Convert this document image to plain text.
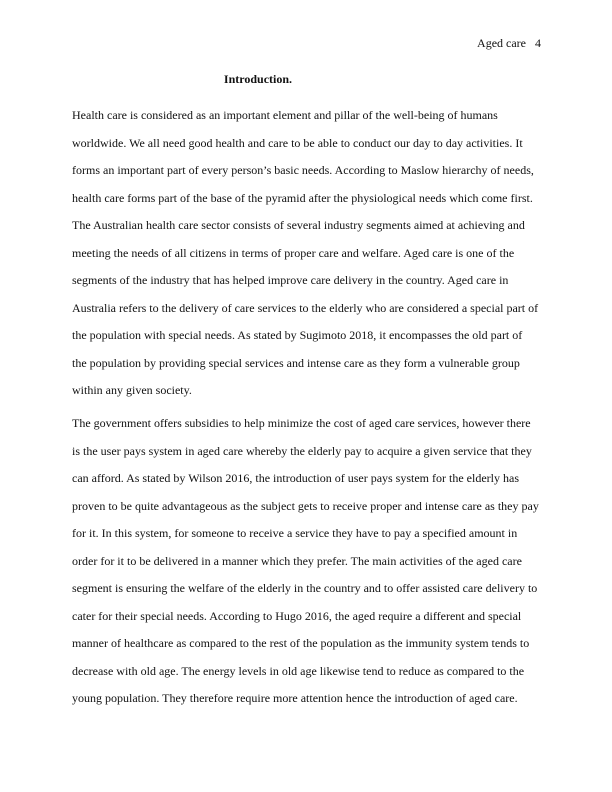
Aged care 4
Introduction.
Health care is considered as an important element and pillar of the well-being of humans
worldwide. We all need good health and care to be able to conduct our day to day activities. It
forms an important part of every person’s basic needs. According to Maslow hierarchy of needs,
health care forms part of the base of the pyramid after the physiological needs which come first.
The Australian health care sector consists of several industry segments aimed at achieving and
meeting the needs of all citizens in terms of proper care and welfare. Aged care is one of the
segments of the industry that has helped improve care delivery in the country. Aged care in
Australia refers to the delivery of care services to the elderly who are considered a special part of
the population with special needs. As stated by Sugimoto 2018, it encompasses the old part of
the population by providing special services and intense care as they form a vulnerable group
within any given society.
The government offers subsidies to help minimize the cost of aged care services, however there
is the user pays system in aged care whereby the elderly pay to acquire a given service that they
can afford. As stated by Wilson 2016, the introduction of user pays system for the elderly has
proven to be quite advantageous as the subject gets to receive proper and intense care as they pay
for it. In this system, for someone to receive a service they have to pay a specified amount in
order for it to be delivered in a manner which they prefer. The main activities of the aged care
segment is ensuring the welfare of the elderly in the country and to offer assisted care delivery to
cater for their special needs. According to Hugo 2016, the aged require a different and special
manner of healthcare as compared to the rest of the population as the immunity system tends to
decrease with old age. The energy levels in old age likewise tend to reduce as compared to the
young population. They therefore require more attention hence the introduction of aged care.
